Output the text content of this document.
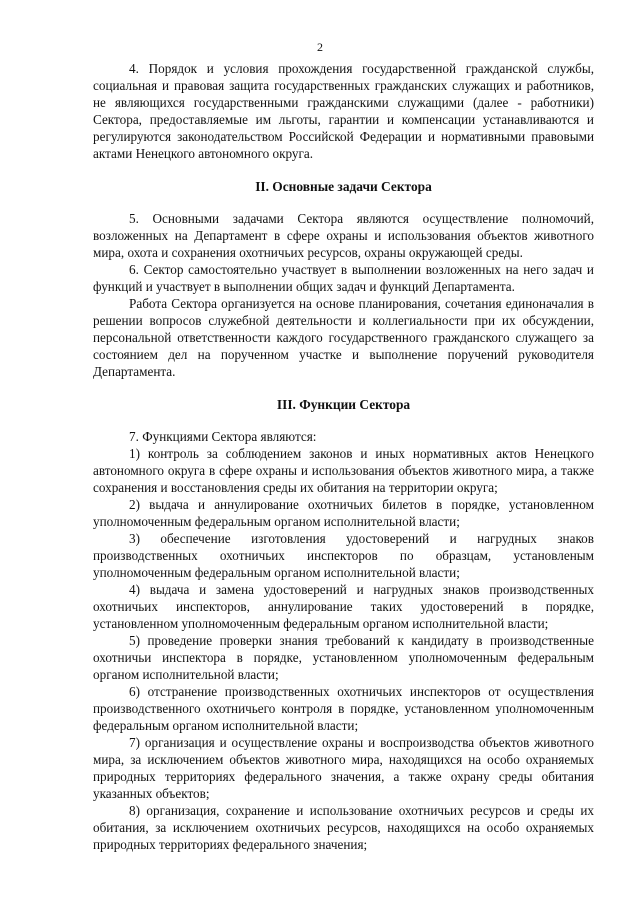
2

4. Порядок и условия прохождения государственной гражданской службы, социальная и правовая защита государственных гражданских служащих и работников, не являющихся государственными гражданскими служащими (далее - работники) Сектора, предоставляемые им льготы, гарантии и компенсации устанавливаются и регулируются законодательством Российской Федерации и нормативными правовыми актами Ненецкого автономного округа.

II. Основные задачи Сектора

5. Основными задачами Сектора являются осуществление полномочий, возложенных на Департамент в сфере охраны и использования объектов животного мира, охота и сохранения охотничьих ресурсов, охраны окружающей среды.

6. Сектор самостоятельно участвует в выполнении возложенных на него задач и функций и участвует в выполнении общих задач и функций Департамента.

Работа Сектора организуется на основе планирования, сочетания единоначалия в решении вопросов служебной деятельности и коллегиальности при их обсуждении, персональной ответственности каждого государственного гражданского служащего за состоянием дел на порученном участке и выполнение поручений руководителя Департамента.

III. Функции Сектора

7. Функциями Сектора являются:

1) контроль за соблюдением законов и иных нормативных актов Ненецкого автономного округа в сфере охраны и использования объектов животного мира, а также сохранения и восстановления среды их обитания на территории округа;

2) выдача и аннулирование охотничьих билетов в порядке, установленном уполномоченным федеральным органом исполнительной власти;

3) обеспечение изготовления удостоверений и нагрудных знаков производственных охотничьих инспекторов по образцам, установленым уполномоченным федеральным органом исполнительной власти;

4) выдача и замена удостоверений и нагрудных знаков производственных охотничьих инспекторов, аннулирование таких удостоверений в порядке, установленном уполномоченным федеральным органом исполнительной власти;

5) проведение проверки знания требований к кандидату в производственные охотничьи инспектора в порядке, установленном уполномоченным федеральным органом исполнительной власти;

6) отстранение производственных охотничьих инспекторов от осуществления производственного охотничьего контроля в порядке, установленном уполномоченным федеральным органом исполнительной власти;

7) организация и осуществление охраны и воспроизводства объектов животного мира, за исключением объектов животного мира, находящихся на особо охраняемых природных территориях федерального значения, а также охрану среды обитания указанных объектов;

8) организация, сохранение и использование охотничьих ресурсов и среды их обитания, за исключением охотничьих ресурсов, находящихся на особо охраняемых природных территориях федерального значения;
